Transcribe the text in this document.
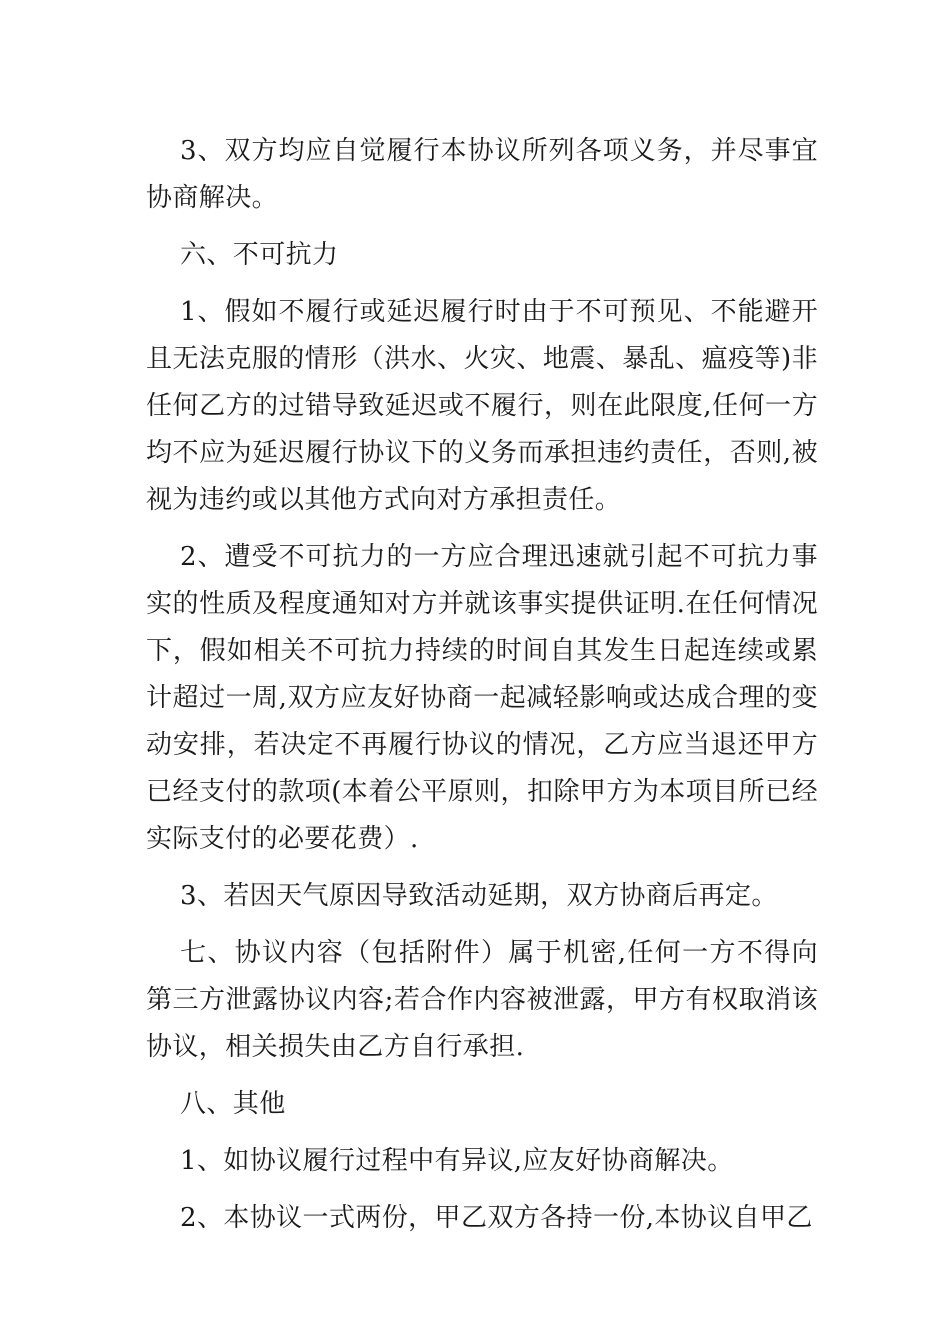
3、双方均应自觉履行本协议所列各项义务，并尽事宜协商解决。

六、不可抗力

1、假如不履行或延迟履行时由于不可预见、不能避开且无法克服的情形（洪水、火灾、地震、暴乱、瘟疫等)非任何乙方的过错导致延迟或不履行，则在此限度,任何一方均不应为延迟履行协议下的义务而承担违约责任，否则,被视为违约或以其他方式向对方承担责任。

2、遭受不可抗力的一方应合理迅速就引起不可抗力事实的性质及程度通知对方并就该事实提供证明.在任何情况下，假如相关不可抗力持续的时间自其发生日起连续或累计超过一周,双方应友好协商一起减轻影响或达成合理的变动安排，若决定不再履行协议的情况，乙方应当退还甲方已经支付的款项(本着公平原则，扣除甲方为本项目所已经实际支付的必要花费）.

3、若因天气原因导致活动延期，双方协商后再定。

七、协议内容（包括附件）属于机密,任何一方不得向第三方泄露协议内容;若合作内容被泄露，甲方有权取消该协议，相关损失由乙方自行承担.

八、其他

1、如协议履行过程中有异议,应友好协商解决。

2、本协议一式两份，甲乙双方各持一份,本协议自甲乙
